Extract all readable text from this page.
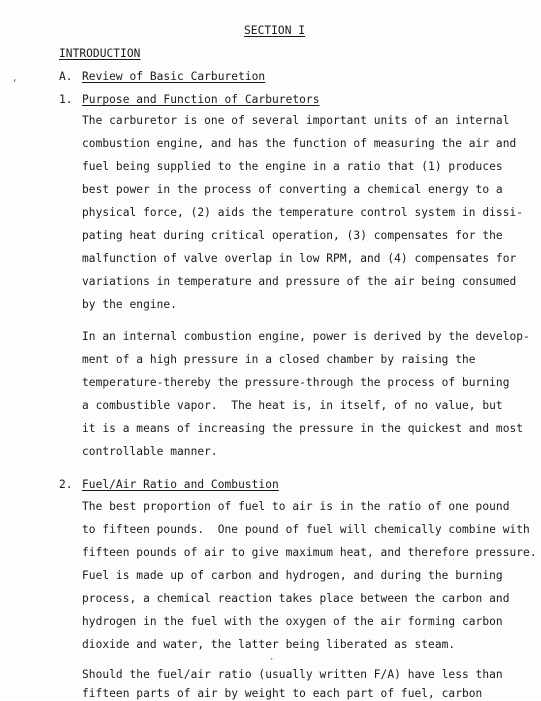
‘
SECTION I
INTRODUCTION
A. Review of Basic Carburetion
1. Purpose and Function of Carburetors
The carburetor is one of several important units of an internal
combustion engine, and has the function of measuring the air and
fuel being supplied to the engine in a ratio that (1) produces
best power in the process of converting a chemical energy to a
physical force, (2) aids the temperature control system in dissi-
pating heat during critical operation, (3) compensates for the
malfunction of valve overlap in low RPM, and (4) compensates for
variations in temperature and pressure of the air being consumed
by the engine.
In an internal combustion engine, power is derived by the develop-
ment of a high pressure in a closed chamber by raising the
temperature-thereby the pressure-through the process of burning
a combustible vapor.  The heat is, in itself, of no value, but
it is a means of increasing the pressure in the quickest and most
controllable manner.
2. Fuel/Air Ratio and Combustion
The best proportion of fuel to air is in the ratio of one pound
to fifteen pounds.  One pound of fuel will chemically combine with
fifteen pounds of air to give maximum heat, and therefore pressure.
Fuel is made up of carbon and hydrogen, and during the burning
process, a chemical reaction takes place between the carbon and
hydrogen in the fuel with the oxygen of the air forming carbon
dioxide and water, the latter being liberated as steam.
·
Should the fuel/air ratio (usually written F/A) have less than
fifteen parts of air by weight to each part of fuel, carbon
